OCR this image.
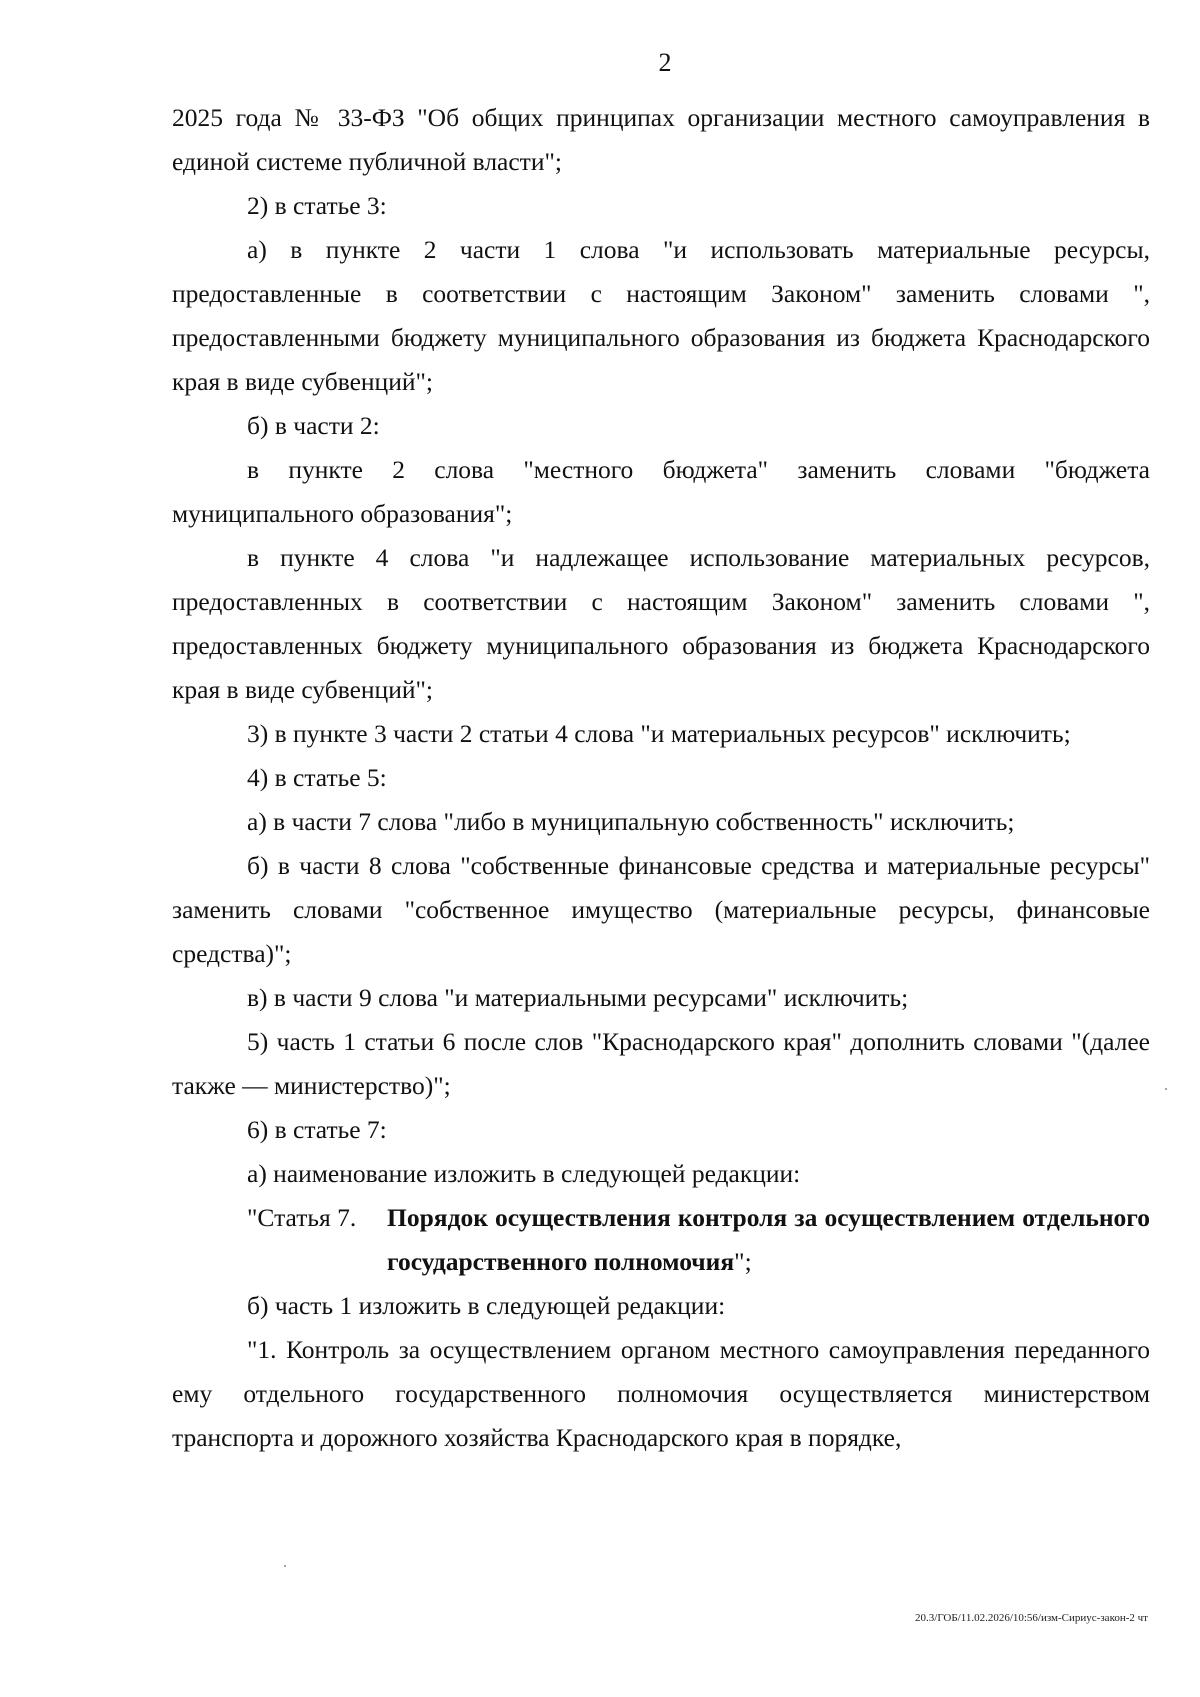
2

2025 года № 33-ФЗ "Об общих принципах организации местного самоуправления в единой системе публичной власти";

2) в статье 3:

а) в пункте 2 части 1 слова "и использовать материальные ресурсы, предоставленные в соответствии с настоящим Законом" заменить словами ", предоставленными бюджету муниципального образования из бюджета Краснодарского края в виде субвенций";

б) в части 2:

в пункте 2 слова "местного бюджета" заменить словами "бюджета муниципального образования";

в пункте 4 слова "и надлежащее использование материальных ресурсов, предоставленных в соответствии с настоящим Законом" заменить словами ", предоставленных бюджету муниципального образования из бюджета Краснодарского края в виде субвенций";

3) в пункте 3 части 2 статьи 4 слова "и материальных ресурсов" исключить;

4) в статье 5:

а) в части 7 слова "либо в муниципальную собственность" исключить;

б) в части 8 слова "собственные финансовые средства и материальные ресурсы" заменить словами "собственное имущество (материальные ресурсы, финансовые средства)";

в) в части 9 слова "и материальными ресурсами" исключить;

5) часть 1 статьи 6 после слов "Краснодарского края" дополнить словами "(далее также — министерство)";

6) в статье 7:

а) наименование изложить в следующей редакции:

"Статья 7.	Порядок осуществления контроля за осуществлением отдельного государственного полномочия";

б) часть 1 изложить в следующей редакции:

"1. Контроль за осуществлением органом местного самоуправления переданного ему отдельного государственного полномочия осуществляется министерством транспорта и дорожного хозяйства Краснодарского края в порядке,

20.3/ГОБ/11.02.2026/10:56/изм-Сириус-закон-2 чт
